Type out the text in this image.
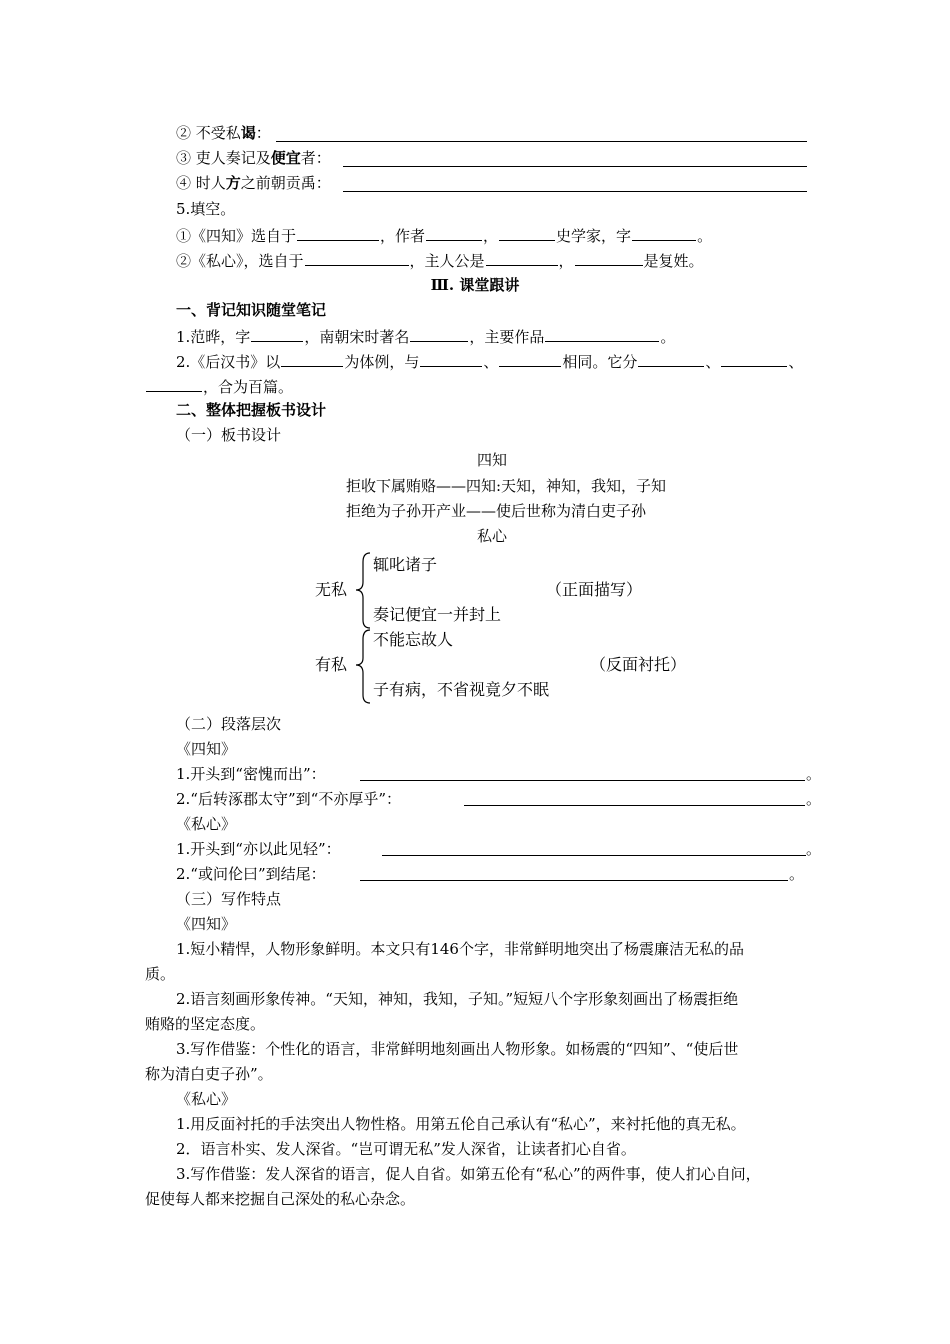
② 不受私谒：
③ 吏人奏记及便宜者：
④ 时人方之前朝贡禹：
5.填空。
①《四知》选自于	，作者	，	史学家，字	。
②《私心》，选自于	，主人公是	，	是复姓。
Ⅲ. 课堂跟讲
一、背记知识随堂笔记
1.范晔，字	，南朝宋时著名	，主要作品	。
2.《后汉书》以	为体例，与	、	相同。它分	、	、
，合为百篇。
二、整体把握板书设计
（一）板书设计
四知
拒收下属贿赂——四知:天知，神知，我知，子知
拒绝为子孙开产业——使后世称为清白吏子孙
私心
无私
辄叱诸子
奏记便宜一并封上
（正面描写）
有私
不能忘故人
子有病，不省视竟夕不眠
（反面衬托）
（二）段落层次
《四知》
1.开头到“密愧而出”：	。
2.“后转涿郡太守”到“不亦厚乎”：	。
《私心》
1.开头到“亦以此见轻”：	。
2.“或问伦曰”到结尾：	。
（三）写作特点
《四知》
1.短小精悍，人物形象鲜明。本文只有146个字，非常鲜明地突出了杨震廉洁无私的品
质。
2.语言刻画形象传神。“天知，神知，我知，子知。”短短八个字形象刻画出了杨震拒绝
贿赂的坚定态度。
3.写作借鉴：个性化的语言，非常鲜明地刻画出人物形象。如杨震的“四知”、“使后世
称为清白吏子孙”。
《私心》
1.用反面衬托的手法突出人物性格。用第五伦自己承认有“私心”，来衬托他的真无私。
2．语言朴实、发人深省。“岂可谓无私”发人深省，让读者扪心自省。
3.写作借鉴：发人深省的语言，促人自省。如第五伦有“私心”的两件事，使人扪心自问，
促使每人都来挖掘自己深处的私心杂念。
